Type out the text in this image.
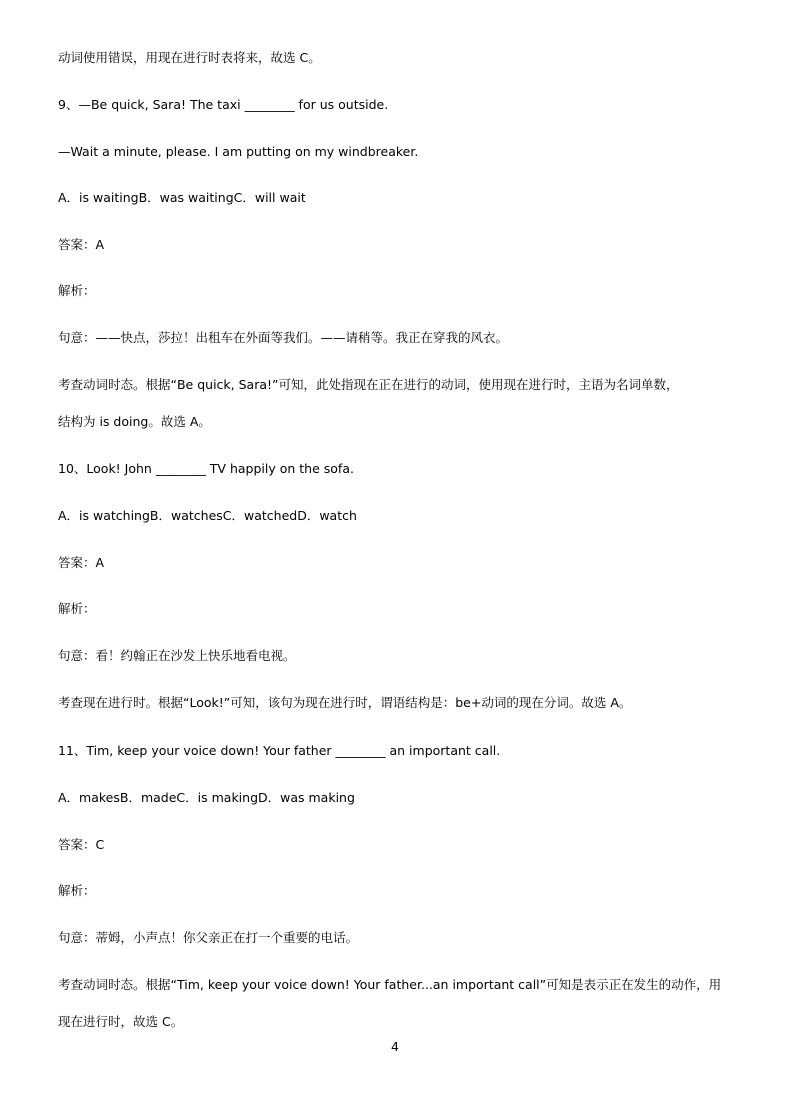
动词使用错误，用现在进行时表将来，故选 C。
9、—Be quick, Sara! The taxi ________ for us outside.
—Wait a minute, please. I am putting on my windbreaker.
A．is waitingB．was waitingC．will wait
答案：A
解析：
句意：——快点，莎拉！出租车在外面等我们。——请稍等。我正在穿我的风衣。
考查动词时态。根据“Be quick, Sara!”可知，此处指现在正在进行的动词，使用现在进行时，主语为名词单数，
结构为 is doing。故选 A。
10、Look! John ________ TV happily on the sofa.
A．is watchingB．watchesC．watchedD．watch
答案：A
解析：
句意：看！约翰正在沙发上快乐地看电视。
考查现在进行时。根据“Look!”可知，该句为现在进行时，谓语结构是：be+动词的现在分词。故选 A。
11、Tim, keep your voice down! Your father ________ an important call.
A．makesB．madeC．is makingD．was making
答案：C
解析：
句意：蒂姆，小声点！你父亲正在打一个重要的电话。
考查动词时态。根据“Tim, keep your voice down! Your father...an important call”可知是表示正在发生的动作，用
现在进行时，故选 C。
4
